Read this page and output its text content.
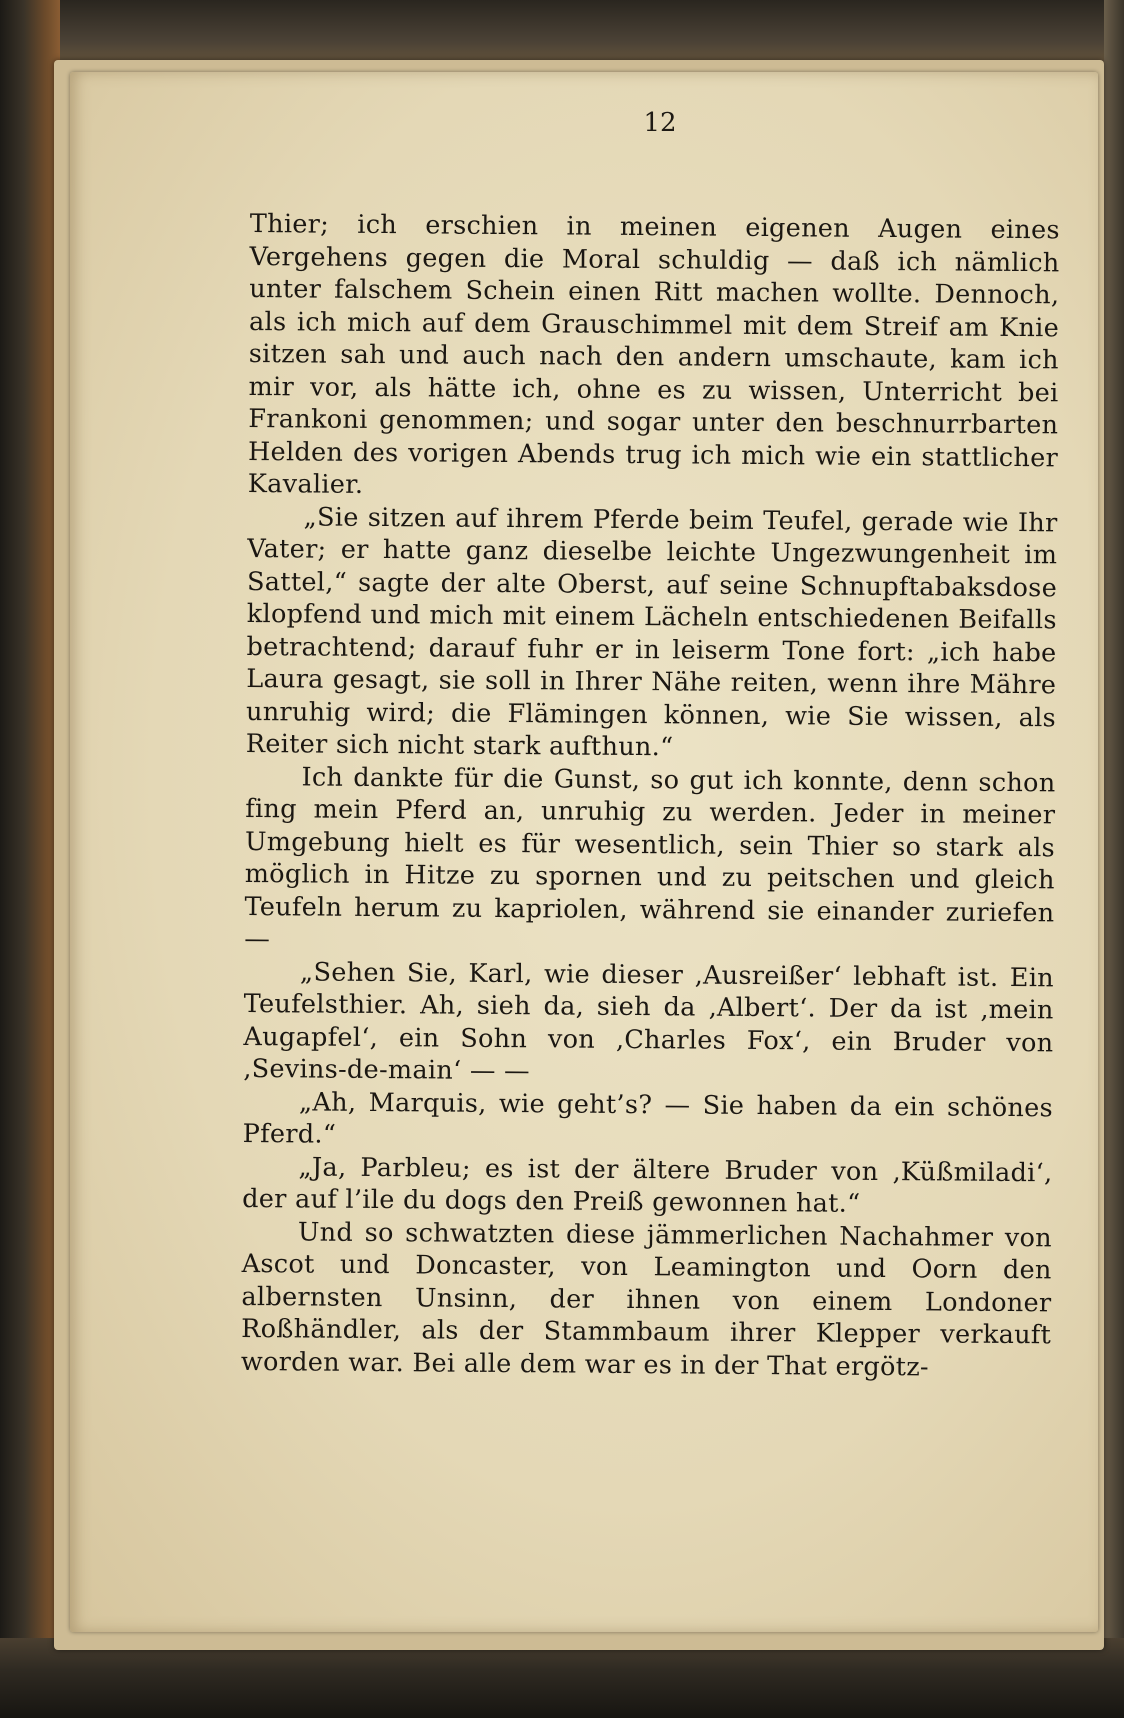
12

Thier; ich erschien in meinen eigenen Augen eines Vergehens gegen die Moral schuldig — daß ich nämlich unter falschem Schein einen Ritt machen wollte. Dennoch, als ich mich auf dem Grauschimmel mit dem Streif am Knie sitzen sah und auch nach den andern umschaute, kam ich mir vor, als hätte ich, ohne es zu wissen, Unterricht bei Frankoni genommen; und sogar unter den beschnurrbarten Helden des vorigen Abends trug ich mich wie ein stattlicher Kavalier.

„Sie sitzen auf ihrem Pferde beim Teufel, gerade wie Ihr Vater; er hatte ganz dieselbe leichte Ungezwungenheit im Sattel,“ sagte der alte Oberst, auf seine Schnupftabaksdose klopfend und mich mit einem Lächeln entschiedenen Beifalls betrachtend; darauf fuhr er in leiserm Tone fort: „ich habe Laura gesagt, sie soll in Ihrer Nähe reiten, wenn ihre Mähre unruhig wird; die Flämingen können, wie Sie wissen, als Reiter sich nicht stark aufthun.“

Ich dankte für die Gunst, so gut ich konnte, denn schon fing mein Pferd an, unruhig zu werden. Jeder in meiner Umgebung hielt es für wesentlich, sein Thier so stark als möglich in Hitze zu spornen und zu peitschen und gleich Teufeln herum zu kapriolen, während sie einander zuriefen —

„Sehen Sie, Karl, wie dieser ‚Ausreißer‘ lebhaft ist. Ein Teufelsthier. Ah, sieh da, sieh da ‚Albert‘. Der da ist ‚mein Augapfel‘, ein Sohn von ‚Charles Fox‘, ein Bruder von ‚Sevins-de-main‘ — —

„Ah, Marquis, wie geht’s? — Sie haben da ein schönes Pferd.“

„Ja, Parbleu; es ist der ältere Bruder von ‚Küßmiladi‘, der auf l’ile du dogs den Preiß gewonnen hat.“

Und so schwatzten diese jämmerlichen Nachahmer von Ascot und Doncaster, von Leamington und Oorn den albernsten Unsinn, der ihnen von einem Londoner Roßhändler, als der Stammbaum ihrer Klepper verkauft worden war. Bei alle dem war es in der That ergötz-
